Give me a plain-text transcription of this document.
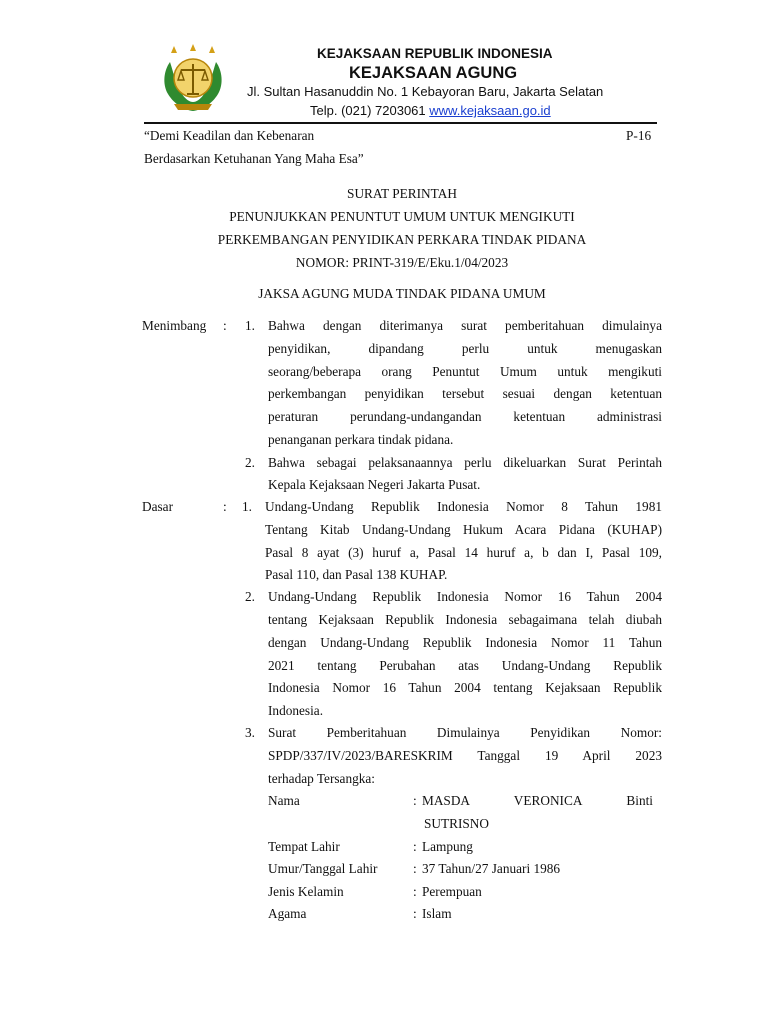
KEJAKSAAN REPUBLIK INDONESIA
KEJAKSAAN AGUNG
Jl. Sultan Hasanuddin No. 1 Kebayoran Baru, Jakarta Selatan
Telp. (021) 7203061 www.kejaksaan.go.id
“Demi Keadilan dan Kebenaran	P-16
Berdasarkan Ketuhanan Yang Maha Esa”
SURAT PERINTAH
PENUNJUKKAN PENUNTUT UMUM UNTUK MENGIKUTI
PERKEMBANGAN PENYIDIKAN PERKARA TINDAK PIDANA
NOMOR: PRINT-319/E/Eku.1/04/2023
JAKSA AGUNG MUDA TINDAK PIDANA UMUM
Menimbang : 1. Bahwa dengan diterimanya surat pemberitahuan dimulainya
penyidikan, dipandang perlu untuk menugaskan
seorang/beberapa orang Penuntut Umum untuk mengikuti
perkembangan penyidikan tersebut sesuai dengan ketentuan
peraturan perundang-undangandan ketentuan administrasi
penanganan perkara tindak pidana.
2. Bahwa sebagai pelaksanaannya perlu dikeluarkan Surat Perintah
Kepala Kejaksaan Negeri Jakarta Pusat.
Dasar	: 1. Undang-Undang Republik Indonesia Nomor 8 Tahun 1981
Tentang Kitab Undang-Undang Hukum Acara Pidana (KUHAP)
Pasal 8 ayat (3) huruf a, Pasal 14 huruf a, b dan I, Pasal 109,
Pasal 110, dan Pasal 138 KUHAP.
2. Undang-Undang Republik Indonesia Nomor 16 Tahun 2004
tentang Kejaksaan Republik Indonesia sebagaimana telah diubah
dengan Undang-Undang Republik Indonesia Nomor 11 Tahun
2021 tentang Perubahan atas Undang-Undang Republik
Indonesia Nomor 16 Tahun 2004 tentang Kejaksaan Republik
Indonesia.
3. Surat Pemberitahuan Dimulainya Penyidikan Nomor:
SPDP/337/IV/2023/BARESKRIM Tanggal 19 April 2023
terhadap Tersangka:
Nama	: MASDA VERONICA Binti
SUTRISNO
Tempat Lahir	: Lampung
Umur/Tanggal Lahir	: 37 Tahun/27 Januari 1986
Jenis Kelamin	: Perempuan
Agama	: Islam
